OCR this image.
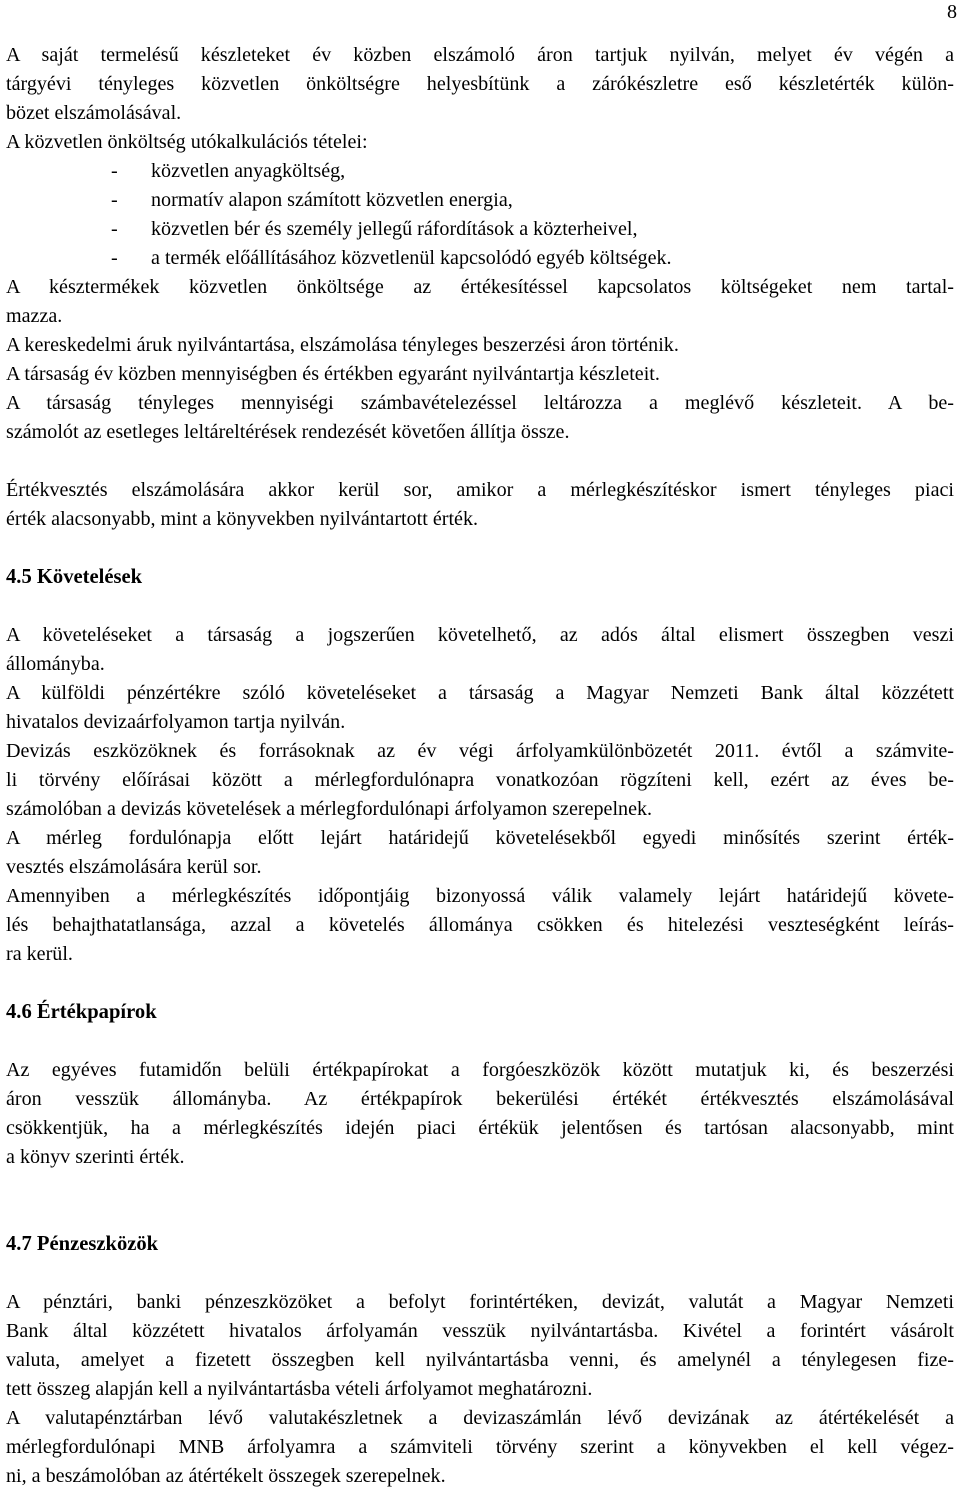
8
A saját termelésű készleteket év közben elszámoló áron tartjuk nyilván, melyet év végén a
tárgyévi tényleges közvetlen önköltségre helyesbítünk a zárókészletre eső készletérték külön-
bözet elszámolásával.
A közvetlen önköltség utókalkulációs tételei:
- közvetlen anyagköltség,
- normatív alapon számított közvetlen energia,
- közvetlen bér és személy jellegű ráfordítások a közterheivel,
- a termék előállításához közvetlenül kapcsolódó egyéb költségek.
A késztermékek közvetlen önköltsége az értékesítéssel kapcsolatos költségeket nem tartal-
mazza.
A kereskedelmi áruk nyilvántartása, elszámolása tényleges beszerzési áron történik.
A társaság év közben mennyiségben és értékben egyaránt nyilvántartja készleteit.
A társaság tényleges mennyiségi számbavételezéssel leltározza a meglévő készleteit. A be-
számolót az esetleges leltáreltérések rendezését követően állítja össze.
Értékvesztés elszámolására akkor kerül sor, amikor a mérlegkészítéskor ismert tényleges piaci
érték alacsonyabb, mint a könyvekben nyilvántartott érték.
4.5 Követelések
A követeléseket a társaság a jogszerűen követelhető, az adós által elismert összegben veszi
állományba.
A külföldi pénzértékre szóló követeléseket a társaság a Magyar Nemzeti Bank által közzétett
hivatalos devizaárfolyamon tartja nyilván.
Devizás eszközöknek és forrásoknak az év végi árfolyamkülönbözetét 2011. évtől a számvite-
li törvény előírásai között a mérlegfordulónapra vonatkozóan rögzíteni kell, ezért az éves be-
számolóban a devizás követelések a mérlegfordulónapi árfolyamon szerepelnek.
A mérleg fordulónapja előtt lejárt határidejű követelésekből egyedi minősítés szerint érték-
vesztés elszámolására kerül sor.
Amennyiben a mérlegkészítés időpontjáig bizonyossá válik valamely lejárt határidejű követe-
lés behajthatatlansága, azzal a követelés állománya csökken és hitelezési veszteségként leírás-
ra kerül.
4.6 Értékpapírok
Az egyéves futamidőn belüli értékpapírokat a forgóeszközök között mutatjuk ki, és beszerzési
áron vesszük állományba. Az értékpapírok bekerülési értékét értékvesztés elszámolásával
csökkentjük, ha a mérlegkészítés idején piaci értékük jelentősen és tartósan alacsonyabb, mint
a könyv szerinti érték.
4.7 Pénzeszközök
A pénztári, banki pénzeszközöket a befolyt forintértéken, devizát, valutát a Magyar Nemzeti
Bank által közzétett hivatalos árfolyamán vesszük nyilvántartásba. Kivétel a forintért vásárolt
valuta, amelyet a fizetett összegben kell nyilvántartásba venni, és amelynél a ténylegesen fize-
tett összeg alapján kell a nyilvántartásba vételi árfolyamot meghatározni.
A valutapénztárban lévő valutakészletnek a devizaszámlán lévő devizának az átértékelését a
mérlegfordulónapi MNB árfolyamra a számviteli törvény szerint a könyvekben el kell végez-
ni, a beszámolóban az átértékelt összegek szerepelnek.
